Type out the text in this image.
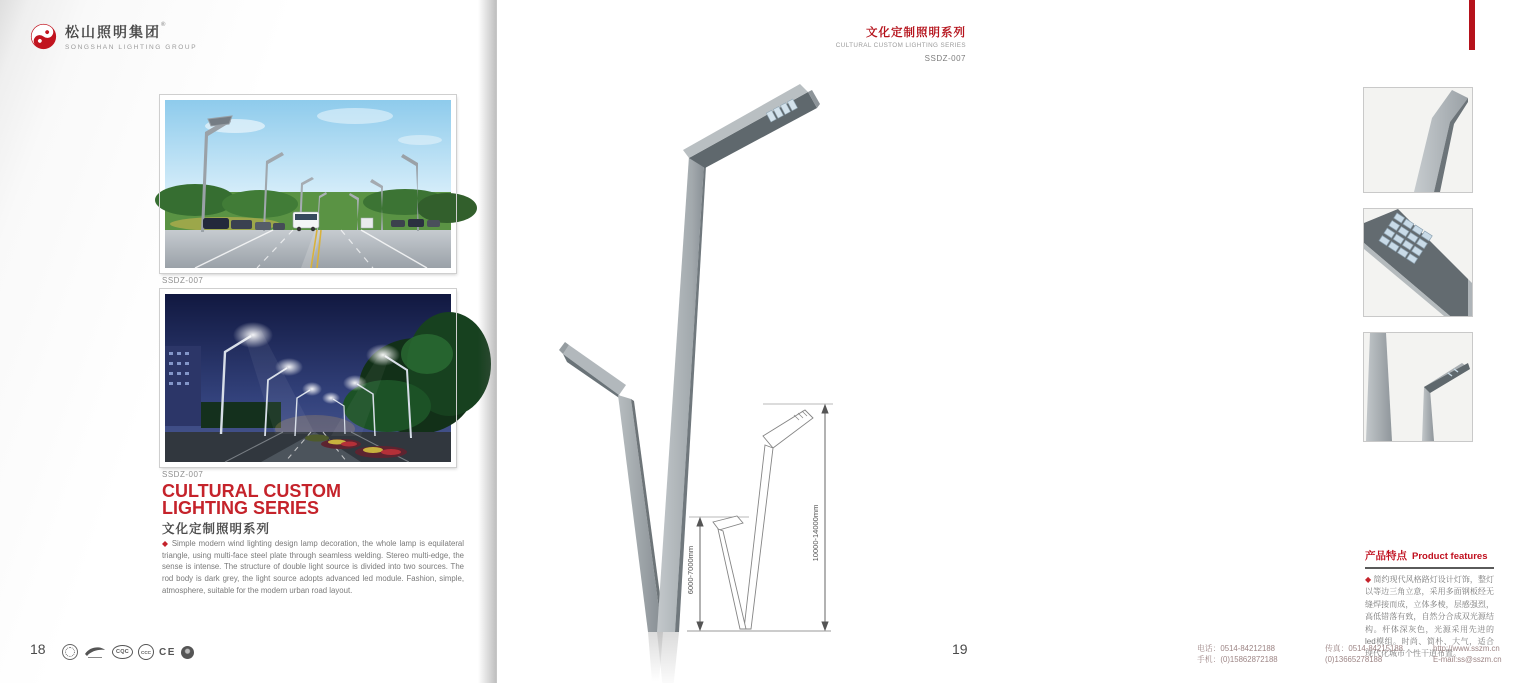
松山照明集团®
SONGSHAN LIGHTING GROUP
SSDZ-007
SSDZ-007
CULTURAL CUSTOM
LIGHTING SERIES
文化定制照明系列
◆ Simple modern wind lighting design lamp decoration, the whole lamp is equilateral triangle, using multi-face steel plate through seamless welding. Stereo multi-edge, the sense is intense. The structure of double light source is divided into two sources. The rod body is dark grey, the light source adopts advanced led module. Fashion, simple, atmosphere, suitable for the modern urban road layout.
18	CQC	CCC CE
文化定制照明系列
CULTURAL CUSTOM LIGHTING SERIES
SSDZ-007
10000-14000mm
6000-7000mm	产品特点 Product features
◆ 简约现代风格路灯设计灯饰，整灯以等边三角立意，采用多面钢板经无缝焊接而成，立体多棱，层感强烈，高低错落有致，自然分合成双光源结构。杆体深灰色，光源采用先进的led模组。时尚、简朴、大气，适合现代化城市个性干道布置。
电话：0514-84212188	传真：0514-84215188	http://www.sszm.cn
手机：(0)15862872188	(0)13665278188	E-mail:ss@sszm.cn
19
